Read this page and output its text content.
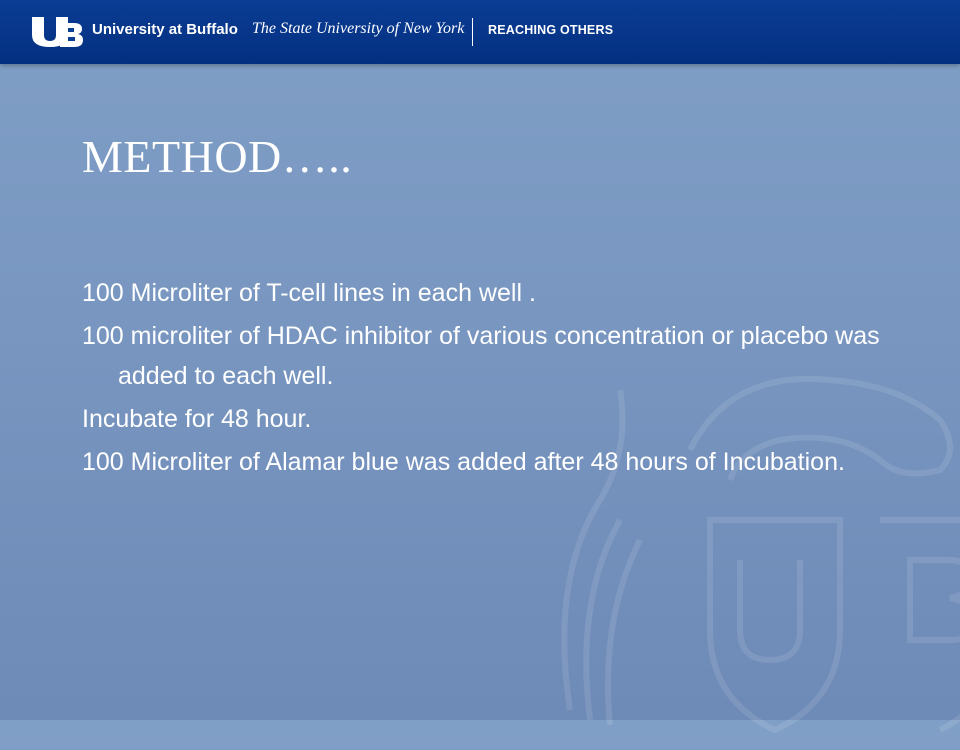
University at Buffalo The State University of New York REACHING OTHERS
METHOD…..

100 Microliter of T-cell lines in each well .

100 microliter of HDAC inhibitor of various concentration or placebo was added to each well.

Incubate for 48 hour.

100 Microliter of Alamar blue was added after 48 hours of Incubation.
